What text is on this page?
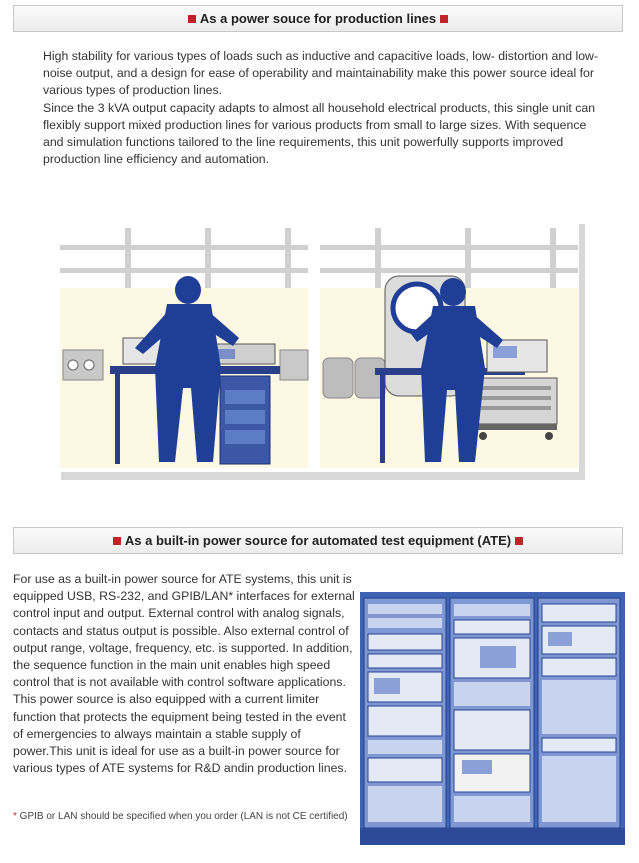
As a power souce for production lines

High stability for various types of loads such as inductive and capacitive loads, low- distortion and low-noise output, and a design for ease of operability and maintainability make this power source ideal for various types of production lines.
Since the 3 kVA output capacity adapts to almost all household electrical products, this single unit can flexibly support mixed production lines for various products from small to large sizes. With sequence and simulation functions tailored to the line requirements, this unit powerfully supports improved production line efficiency and automation.

As a built-in power source for automated test equipment (ATE)

For use as a built-in power source for ATE systems, this unit is equipped USB, RS-232, and GPIB/LAN* interfaces for external control input and output. External control with analog signals, contacts and status output is possible. Also external control of output range, voltage, frequency, etc. is supported. In addition, the sequence function in the main unit enables high speed control that is not available with control software applications. This power source is also equipped with a current limiter function that protects the equipment being tested in the event of emergencies to always maintain a stable supply of power.This unit is ideal for use as a built-in power source for various types of ATE systems for R&D andin production lines.

* GPIB or LAN should be specified when you order (LAN is not CE certified)
